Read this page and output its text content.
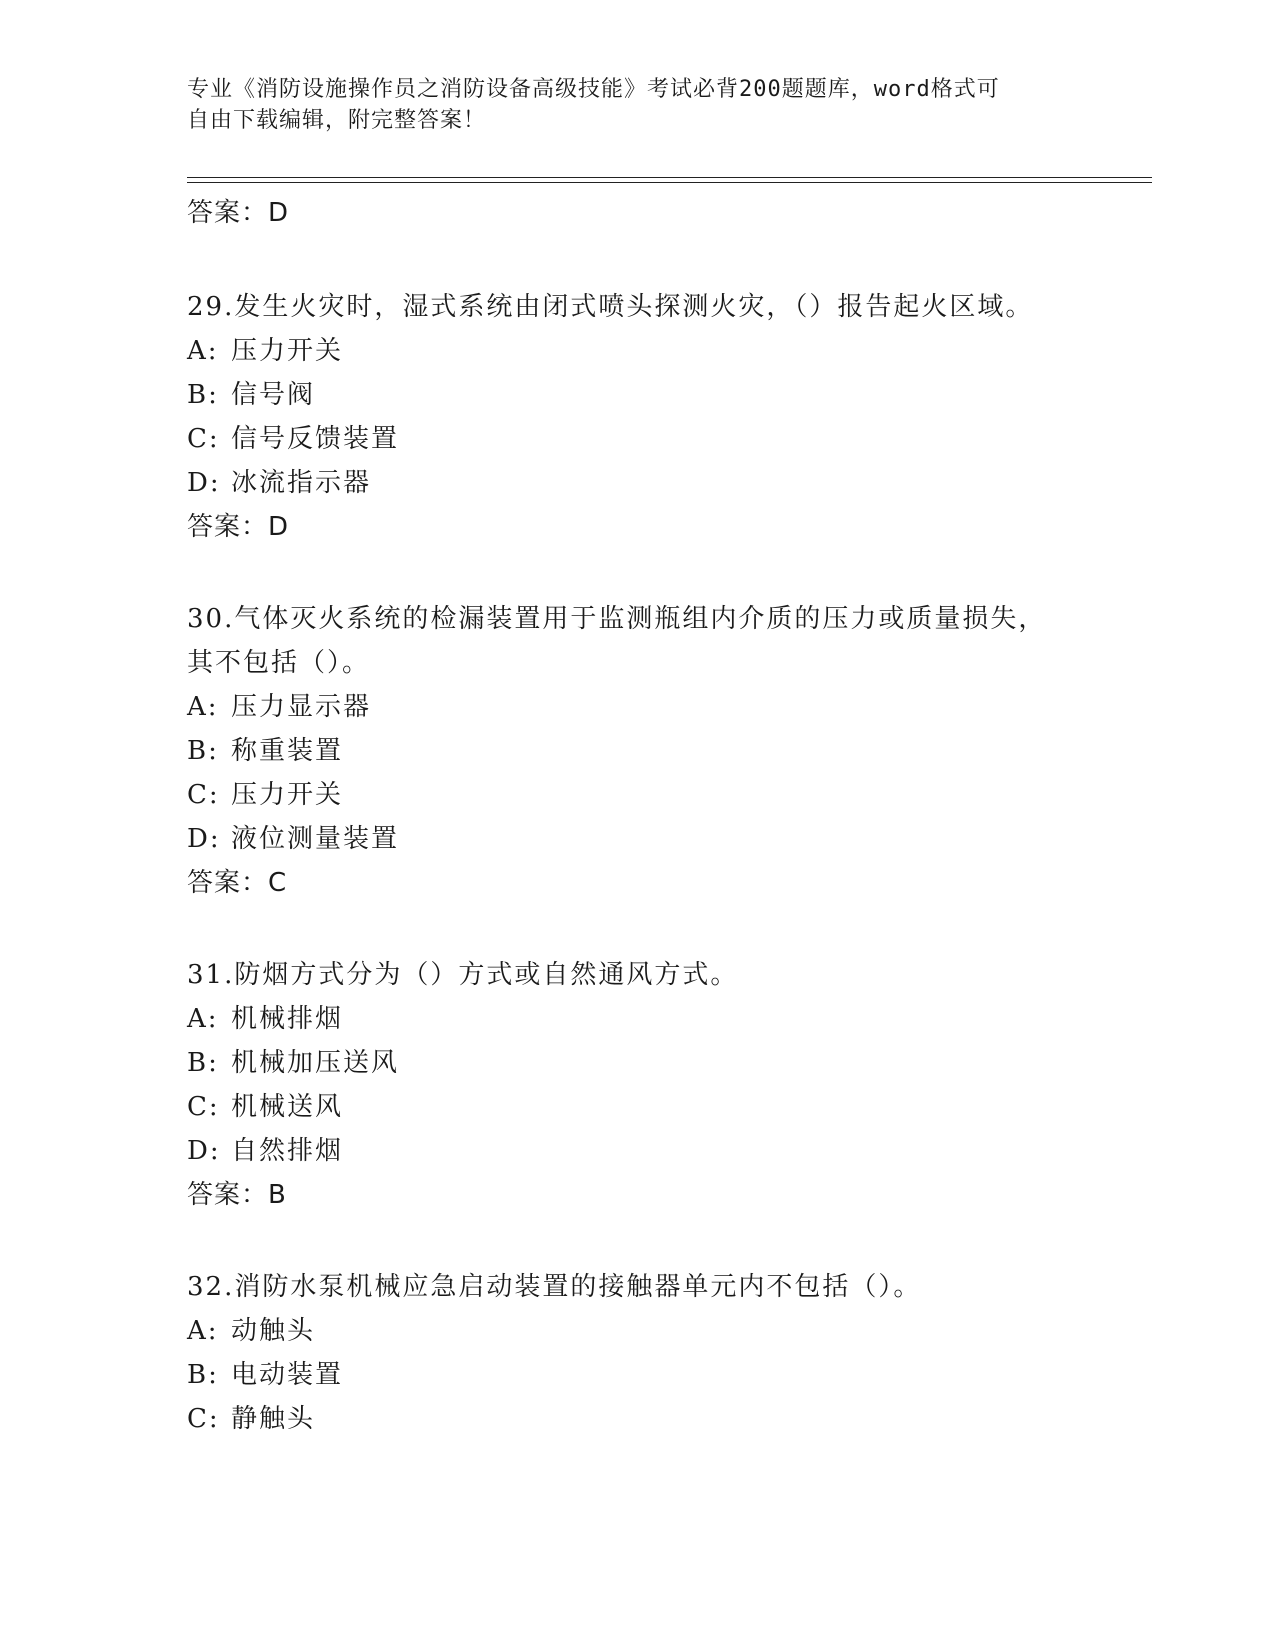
专业《消防设施操作员之消防设备高级技能》考试必背200题题库，word格式可
自由下载编辑，附完整答案！
答案：D
29.发生火灾时，湿式系统由闭式喷头探测火灾，（）报告起火区域。
A: 压力开关
B: 信号阀
C: 信号反馈装置
D: 冰流指示器
答案：D
30.气体灭火系统的检漏装置用于监测瓶组内介质的压力或质量损失，
其不包括（）。
A: 压力显示器
B: 称重装置
C: 压力开关
D: 液位测量装置
答案：C
31.防烟方式分为（）方式或自然通风方式。
A: 机械排烟
B: 机械加压送风
C: 机械送风
D: 自然排烟
答案：B
32.消防水泵机械应急启动装置的接触器单元内不包括（）。
A: 动触头
B: 电动装置
C: 静触头
